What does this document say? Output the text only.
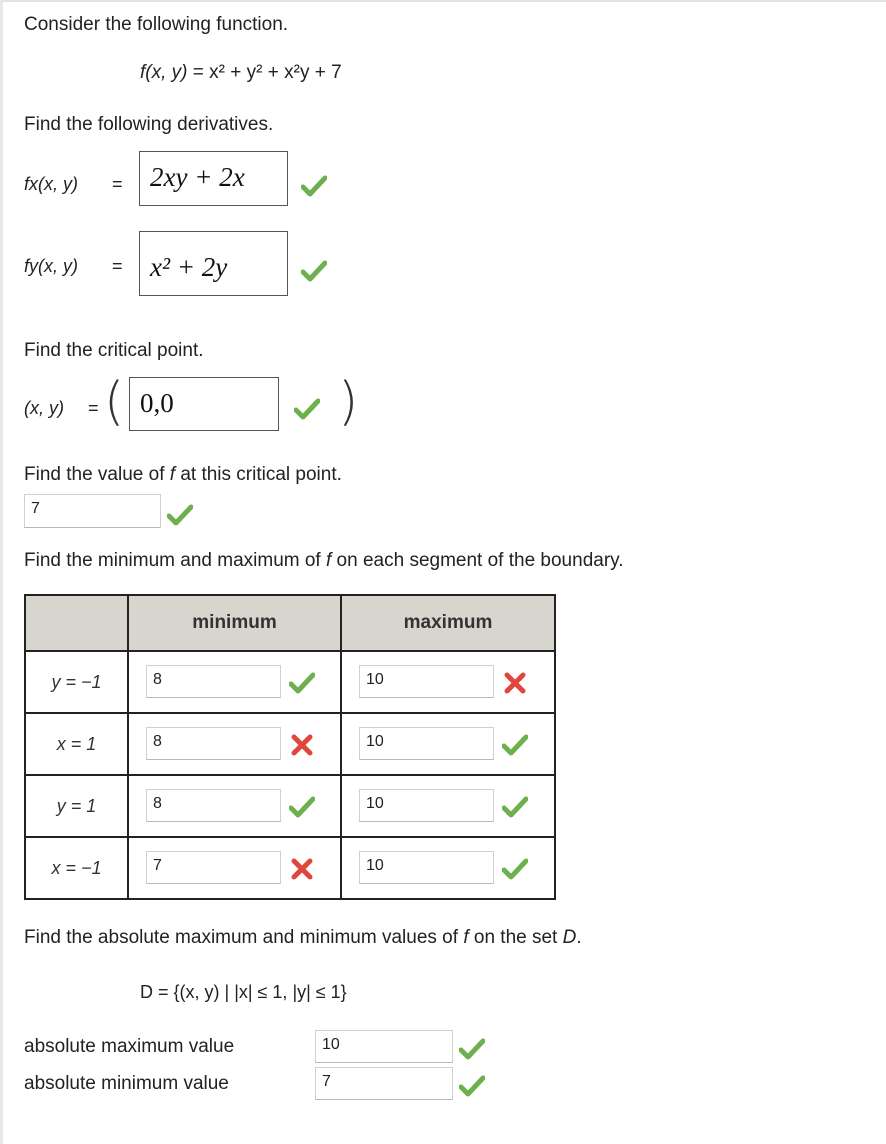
Consider the following function.
f(x, y) = x² + y² + x²y + 7
Find the following derivatives.
fx(x, y) =	2xy + 2x
fy(x, y) =	x² + 2y
Find the critical point.
(x, y) = ( 0,0	)
Find the value of f at this critical point.
7
Find the minimum and maximum of f on each segment of the boundary.
	minimum	maximum
y = −1	8	10

x = 1	8	10

y = 1	8	10

x = −1	7	10
Find the absolute maximum and minimum values of f on the set D.
D = {(x, y) | |x| ≤ 1, |y| ≤ 1}
absolute maximum value	10
absolute minimum value	7
